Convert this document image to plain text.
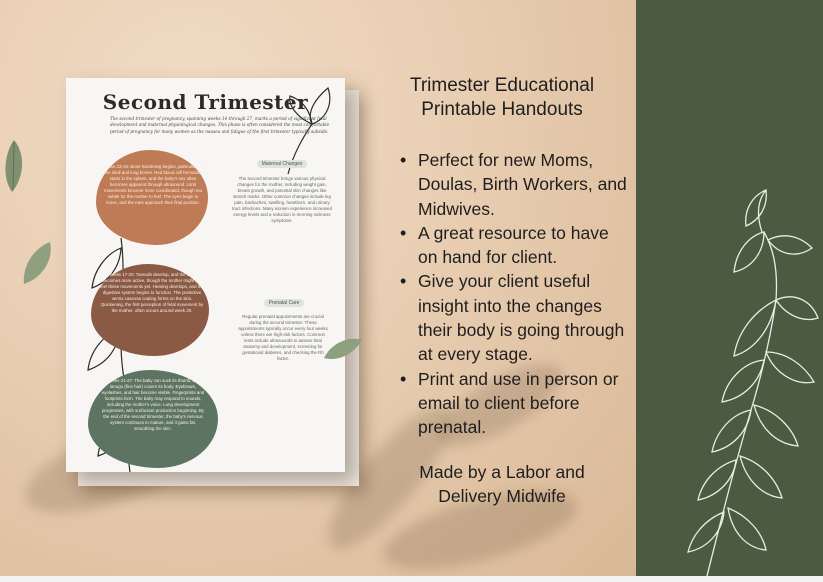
Second Trimester
The second trimester of pregnancy, spanning weeks 14 through 27, marks a period of significant fetal development and maternal physiological changes. This phase is often considered the most comfortable period of pregnancy for many women as the nausea and fatigue of the first trimester typically subside.
Weeks 13-16: Bone hardening begins, particularly in the skull and long bones. Red blood cell formation starts in the spleen, and the baby's sex often becomes apparent through ultrasound. Limb movements become more coordinated, though too subtle for the mother to feel. The eyes begin to move, and the ears approach their final position.
Weeks 17-20: Toenails develop, and the baby becomes more active, though the mother might not feel these movements yet. Hearing develops, and the digestive system begins to function. The protective vernix caseosa coating forms on the skin. Quickening, the first perception of fetal movement by the mother, often occurs around week 20.
Weeks 21-27: The baby can suck its thumb, and lanugo (fine hair) covers its body. Eyebrows, eyelashes, and hair become visible. Fingerprints and footprints form. The baby may respond to sounds, including the mother's voice. Lung development progresses, with surfactant production beginning. By the end of the second trimester, the baby's nervous system continues to mature, and it gains fat, smoothing the skin.
Maternal Changes
The second trimester brings various physical changes for the mother, including weight gain, breast growth, and potential skin changes like stretch marks. Other common changes include leg pain, backaches, swelling, heartburn, and urinary tract infections. Many women experience increased energy levels and a reduction in morning sickness symptoms.
Prenatal Care
Regular prenatal appointments are crucial during the second trimester. These appointments typically occur every four weeks unless there are high-risk factors. Common tests include ultrasounds to assess fetal anatomy and development, screening for gestational diabetes, and checking the Rh factor.
Trimester Educational
Printable Handouts
• Perfect for new Moms, Doulas, Birth Workers, and Midwives.
• A great resource to have on hand for client.
• Give your client useful insight into the changes their body is going through at every stage.
• Print and use in person or email to client before prenatal.
Made by a Labor and
Delivery Midwife
